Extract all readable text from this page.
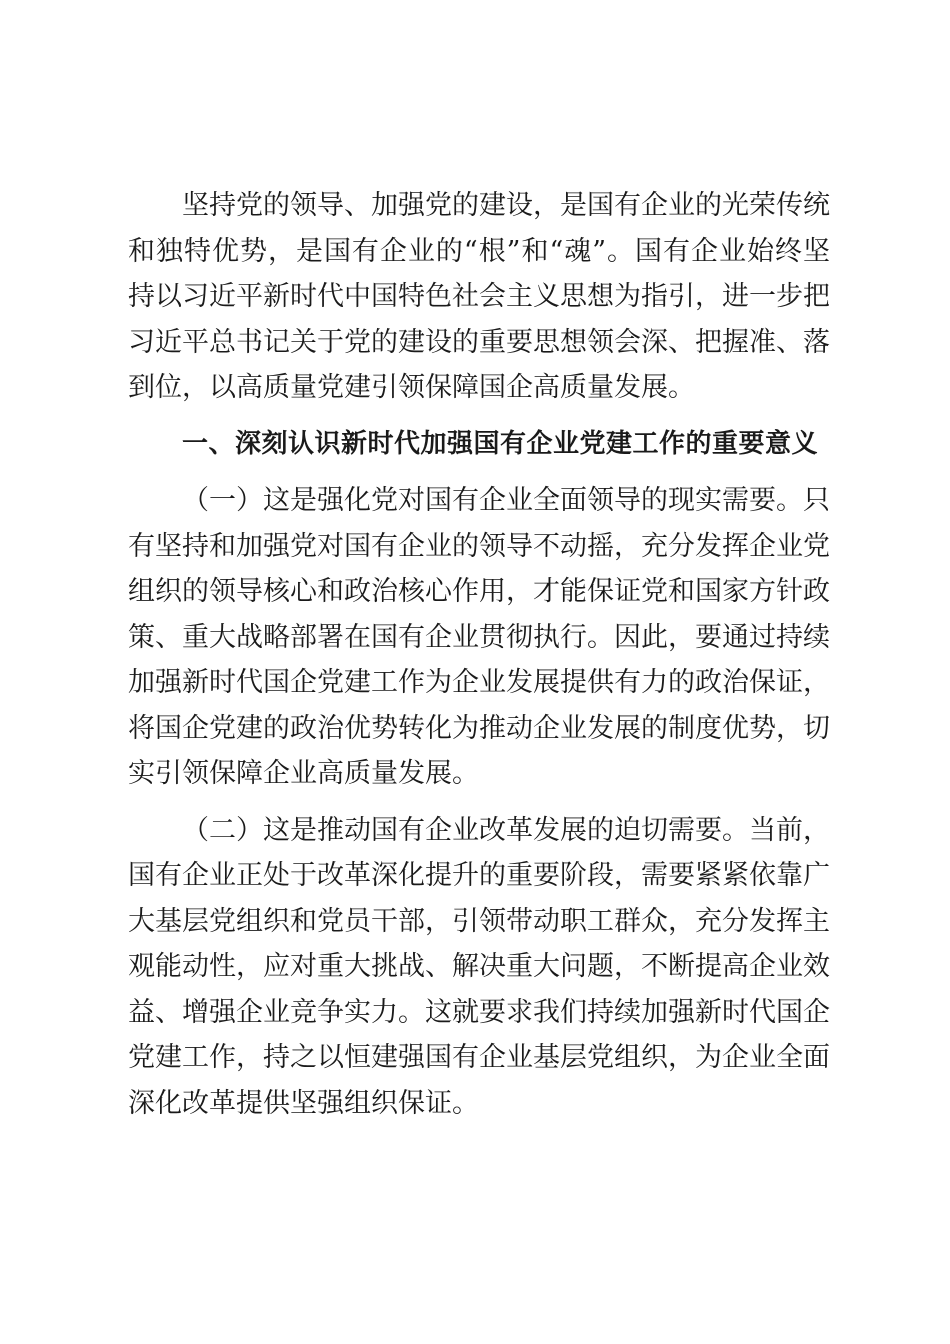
坚持党的领导、加强党的建设，是国有企业的光荣传统和独特优势，是国有企业的“根”和“魂”。国有企业始终坚持以习近平新时代中国特色社会主义思想为指引，进一步把习近平总书记关于党的建设的重要思想领会深、把握准、落到位，以高质量党建引领保障国企高质量发展。

一、深刻认识新时代加强国有企业党建工作的重要意义

（一）这是强化党对国有企业全面领导的现实需要。只有坚持和加强党对国有企业的领导不动摇，充分发挥企业党组织的领导核心和政治核心作用，才能保证党和国家方针政策、重大战略部署在国有企业贯彻执行。因此，要通过持续加强新时代国企党建工作为企业发展提供有力的政治保证，将国企党建的政治优势转化为推动企业发展的制度优势，切实引领保障企业高质量发展。

（二）这是推动国有企业改革发展的迫切需要。当前，国有企业正处于改革深化提升的重要阶段，需要紧紧依靠广大基层党组织和党员干部，引领带动职工群众，充分发挥主观能动性，应对重大挑战、解决重大问题，不断提高企业效益、增强企业竞争实力。这就要求我们持续加强新时代国企党建工作，持之以恒建强国有企业基层党组织，为企业全面深化改革提供坚强组织保证。
